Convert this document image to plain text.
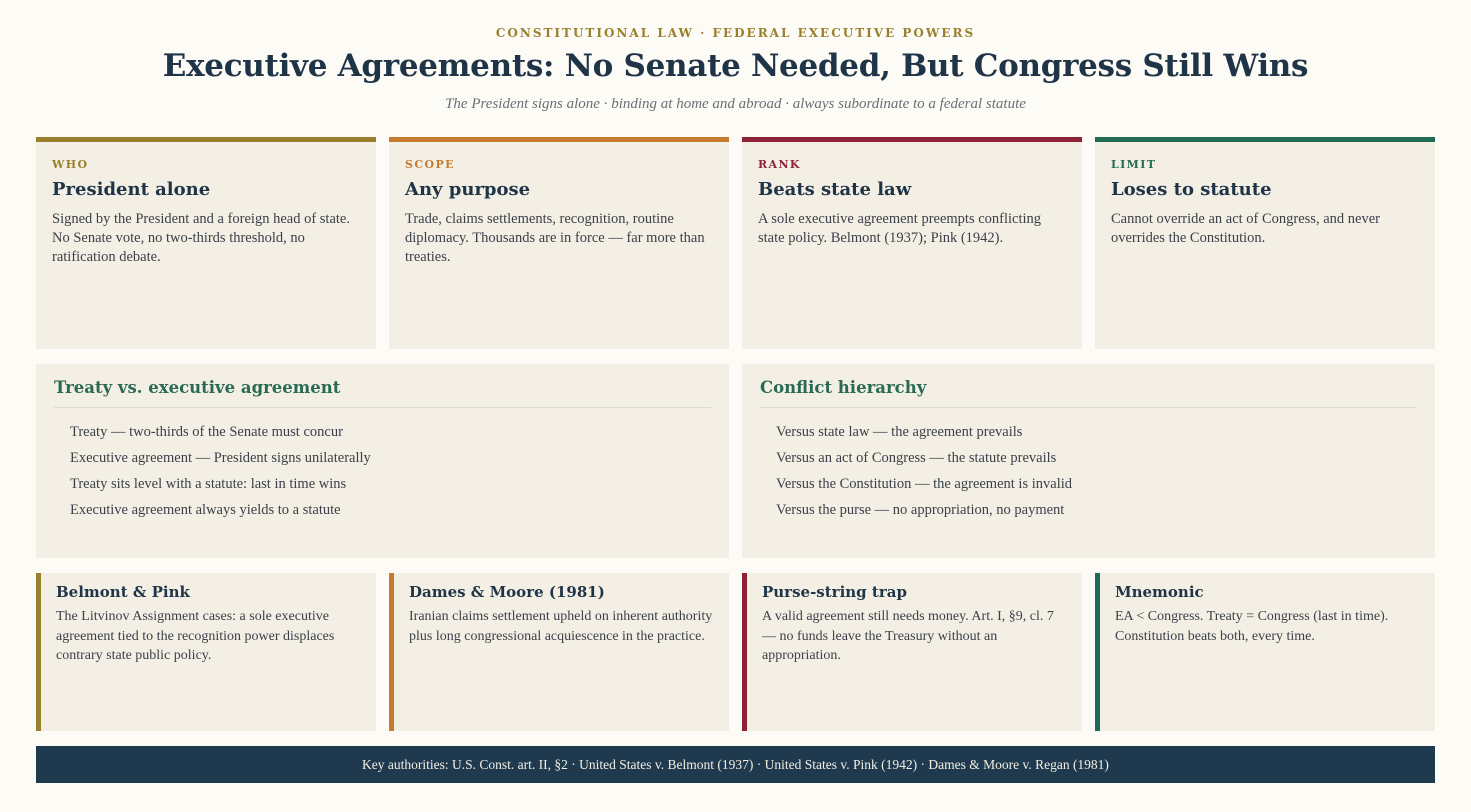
CONSTITUTIONAL LAW · FEDERAL EXECUTIVE POWERS
Executive Agreements: No Senate Needed, But Congress Still Wins
The President signs alone · binding at home and abroad · always subordinate to a federal statute
WHO
President alone
Signed by the President and a foreign head of state. No Senate vote, no two-thirds threshold, no ratification debate.
SCOPE
Any purpose
Trade, claims settlements, recognition, routine diplomacy. Thousands are in force — far more than treaties.
RANK
Beats state law
A sole executive agreement preempts conflicting state policy. Belmont (1937); Pink (1942).
LIMIT
Loses to statute
Cannot override an act of Congress, and never overrides the Constitution.
Treaty vs. executive agreement
Treaty — two-thirds of the Senate must concur
Executive agreement — President signs unilaterally
Treaty sits level with a statute: last in time wins
Executive agreement always yields to a statute
Conflict hierarchy
Versus state law — the agreement prevails
Versus an act of Congress — the statute prevails
Versus the Constitution — the agreement is invalid
Versus the purse — no appropriation, no payment
Belmont & Pink
The Litvinov Assignment cases: a sole executive agreement tied to the recognition power displaces contrary state public policy.
Dames & Moore (1981)
Iranian claims settlement upheld on inherent authority plus long congressional acquiescence in the practice.
Purse-string trap
A valid agreement still needs money. Art. I, §9, cl. 7 — no funds leave the Treasury without an appropriation.
Mnemonic
EA < Congress. Treaty = Congress (last in time). Constitution beats both, every time.
Key authorities: U.S. Const. art. II, §2 · United States v. Belmont (1937) · United States v. Pink (1942) · Dames & Moore v. Regan (1981)
